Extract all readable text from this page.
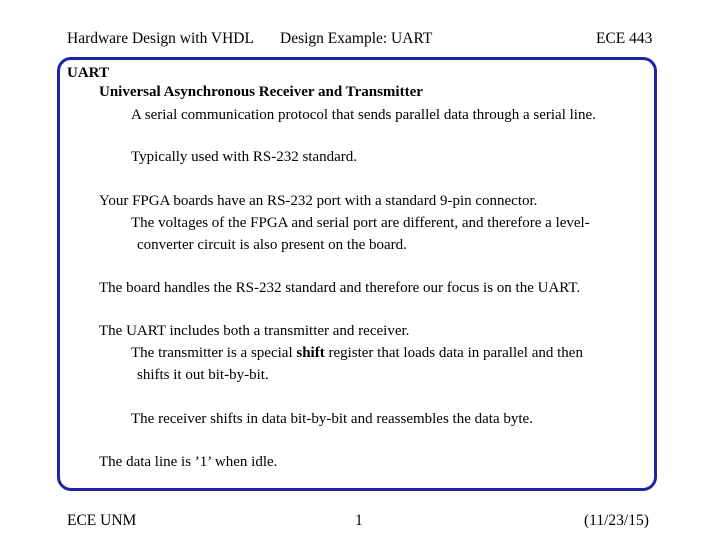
Hardware Design with VHDL Design Example: UART	ECE 443
UART
Universal Asynchronous Receiver and Transmitter
A serial communication protocol that sends parallel data through a serial line.
Typically used with RS-232 standard.
Your FPGA boards have an RS-232 port with a standard 9-pin connector.
The voltages of the FPGA and serial port are different, and therefore a level-
converter circuit is also present on the board.
The board handles the RS-232 standard and therefore our focus is on the UART.
The UART includes both a transmitter and receiver.
The transmitter is a special shift register that loads data in parallel and then
shifts it out bit-by-bit.
The receiver shifts in data bit-by-bit and reassembles the data byte.
The data line is ’1’ when idle.
ECE UNM	1	(11/23/15)
